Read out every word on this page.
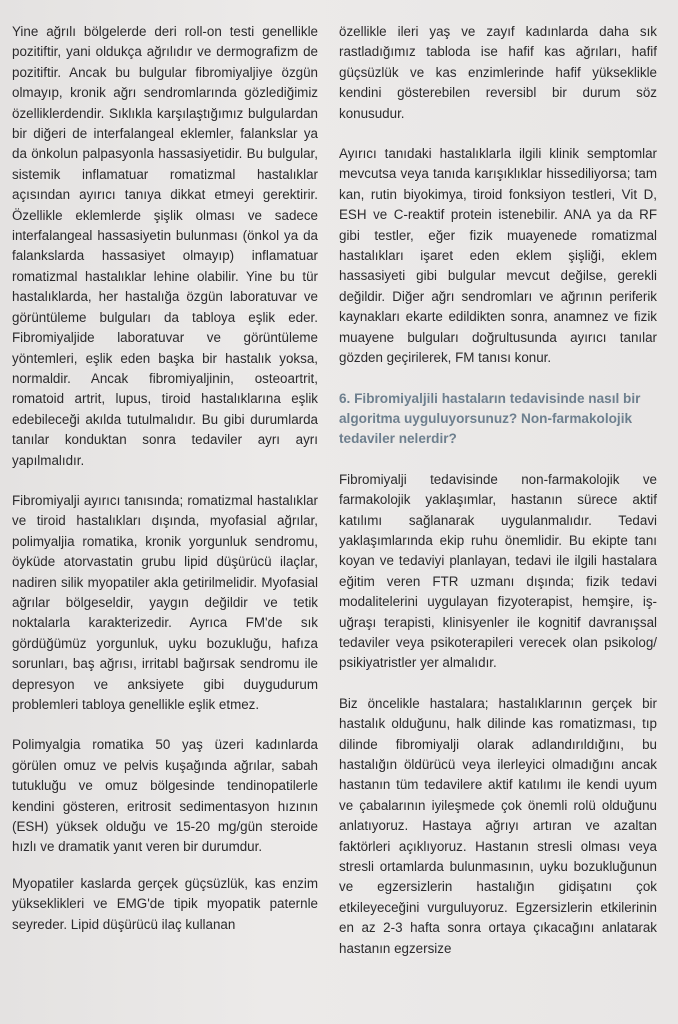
Yine ağrılı bölgelerde deri roll-on testi genellikle pozitiftir, yani oldukça ağrılıdır ve dermografizm de pozitiftir. Ancak bu bulgular fibromiyaljiye özgün olmayıp, kronik ağrı sendromlarında gözlediğimiz özelliklerdendir. Sıklıkla karşılaştığımız bulgulardan bir diğeri de interfalangeal eklemler, falankslar ya da önkolun palpasyonla hassasiyetidir. Bu bulgular, sistemik inflamatuar romatizmal hastalıklar açısından ayırıcı tanıya dikkat etmeyi gerektirir. Özellikle eklemlerde şişlik olması ve sadece interfalangeal hassasiyetin bulunması (önkol ya da falankslarda hassasiyet olmayıp) inflamatuar romatizmal hastalıklar lehine olabilir. Yine bu tür hastalıklarda, her hastalığa özgün laboratuvar ve görüntüleme bulguları da tabloya eşlik eder. Fibromiyaljide laboratuvar ve görüntüleme yöntemleri, eşlik eden başka bir hastalık yoksa, normaldir. Ancak fibromiyaljinin, osteoartrit, romatoid artrit, lupus, tiroid hastalıklarına eşlik edebileceği akılda tutulmalıdır. Bu gibi durumlarda tanılar konduktan sonra tedaviler ayrı ayrı yapılmalıdır.

Fibromiyalji ayırıcı tanısında; romatizmal hastalıklar ve tiroid hastalıkları dışında, myofasial ağrılar, polimyaljia romatika, kronik yorgunluk sendromu, öyküde atorvastatin grubu lipid düşürücü ilaçlar, nadiren silik myopatiler akla getirilmelidir. Myofasial ağrılar bölgeseldir, yaygın değildir ve tetik noktalarla karakterizedir. Ayrıca FM'de sık gördüğümüz yorgunluk, uyku bozukluğu, hafıza sorunları, baş ağrısı, irritabl bağırsak sendromu ile depresyon ve anksiyete gibi duygudurum problemleri tabloya genellikle eşlik etmez.

Polimyalgia romatika 50 yaş üzeri kadınlarda görülen omuz ve pelvis kuşağında ağrılar, sabah tutukluğu ve omuz bölgesinde tendinopatilerle kendini gösteren, eritrosit sedimentasyon hızının (ESH) yüksek olduğu ve 15-20 mg/gün steroide hızlı ve dramatik yanıt veren bir durumdur.

Myopatiler kaslarda gerçek güçsüzlük, kas enzim yükseklikleri ve EMG'de tipik myopatik paternle seyreder. Lipid düşürücü ilaç kullanan

özellikle ileri yaş ve zayıf kadınlarda daha sık rastladığımız tabloda ise hafif kas ağrıları, hafif güçsüzlük ve kas enzimlerinde hafif yükseklikle kendini gösterebilen reversibl bir durum söz konusudur.

Ayırıcı tanıdaki hastalıklarla ilgili klinik semptomlar mevcutsa veya tanıda karışıklıklar hissediliyorsa; tam kan, rutin biyokimya, tiroid fonksiyon testleri, Vit D, ESH ve C-reaktif protein istenebilir. ANA ya da RF gibi testler, eğer fizik muayenede romatizmal hastalıkları işaret eden eklem şişliği, eklem hassasiyeti gibi bulgular mevcut değilse, gerekli değildir. Diğer ağrı sendromları ve ağrının periferik kaynakları ekarte edildikten sonra, anamnez ve fizik muayene bulguları doğrultusunda ayırıcı tanılar gözden geçirilerek, FM tanısı konur.

6. Fibromiyaljili hastaların tedavisinde nasıl bir algoritma uyguluyorsunuz? Non-farmakolojik tedaviler nelerdir?

Fibromiyalji tedavisinde non-farmakolojik ve farmakolojik yaklaşımlar, hastanın sürece aktif katılımı sağlanarak uygulanmalıdır. Tedavi yaklaşımlarında ekip ruhu önemlidir. Bu ekipte tanı koyan ve tedaviyi planlayan, tedavi ile ilgili hastalara eğitim veren FTR uzmanı dışında; fizik tedavi modalitelerini uygulayan fizyoterapist, hemşire, iş-uğraşı terapisti, klinisyenler ile kognitif davranışsal tedaviler veya psikoterapileri verecek olan psikolog/ psikiyatristler yer almalıdır.

Biz öncelikle hastalara; hastalıklarının gerçek bir hastalık olduğunu, halk dilinde kas romatizması, tıp dilinde fibromiyalji olarak adlandırıldığını, bu hastalığın öldürücü veya ilerleyici olmadığını ancak hastanın tüm tedavilere aktif katılımı ile kendi uyum ve çabalarının iyileşmede çok önemli rolü olduğunu anlatıyoruz. Hastaya ağrıyı artıran ve azaltan faktörleri açıklıyoruz. Hastanın stresli olması veya stresli ortamlarda bulunmasının, uyku bozukluğunun ve egzersizlerin hastalığın gidişatını çok etkileyeceğini vurguluyoruz. Egzersizlerin etkilerinin en az 2-3 hafta sonra ortaya çıkacağını anlatarak hastanın egzersize
